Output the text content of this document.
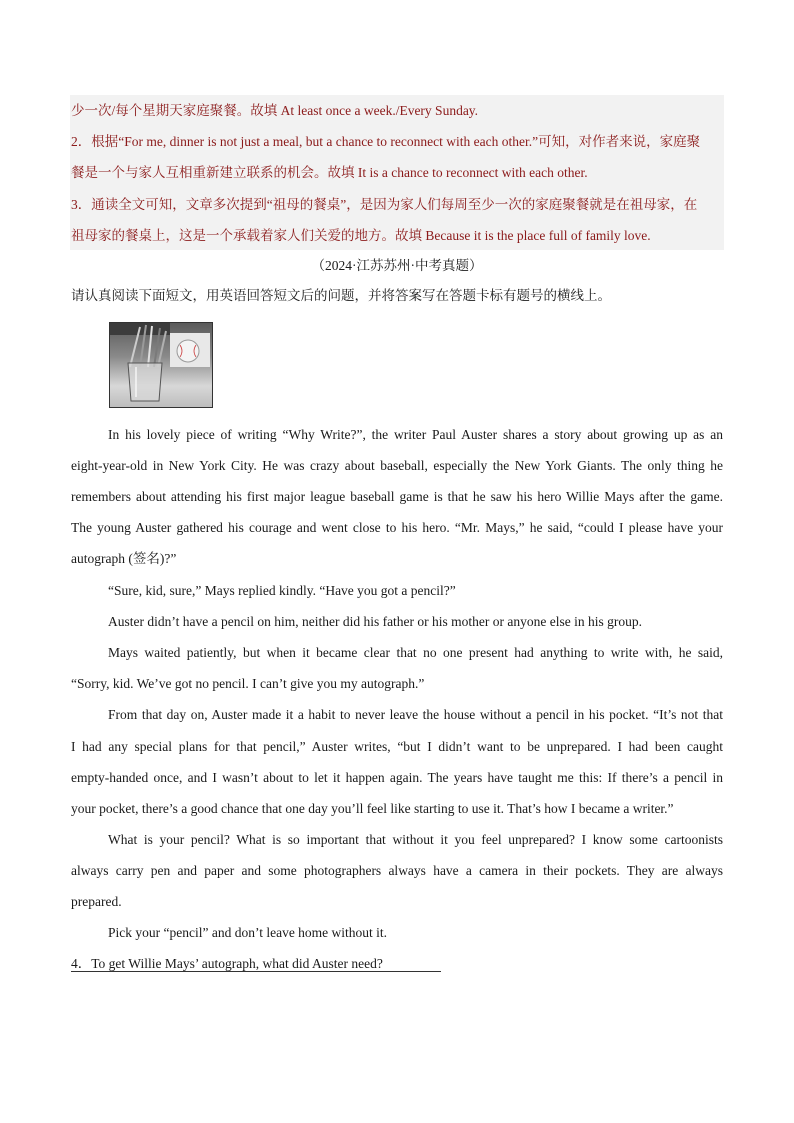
少一次/每个星期天家庭聚餐。故填 At least once a week./Every Sunday.
2．根据“For me, dinner is not just a meal, but a chance to reconnect with each other.”可知，对作者来说，家庭聚
餐是一个与家人互相重新建立联系的机会。故填 It is a chance to reconnect with each other.
3．通读全文可知，文章多次提到“祖母的餐桌”，是因为家人们每周至少一次的家庭聚餐就是在祖母家，在
祖母家的餐桌上，这是一个承载着家人们关爱的地方。故填 Because it is the place full of family love.
（2024·江苏苏州·中考真题）
请认真阅读下面短文，用英语回答短文后的问题，并将答案写在答题卡标有题号的横线上。
In his lovely piece of writing “Why Write?”, the writer Paul Auster shares a story about growing up as an
eight-year-old in New York City. He was crazy about baseball, especially the New York Giants. The only thing he
remembers about attending his first major league baseball game is that he saw his hero Willie Mays after the game.
The young Auster gathered his courage and went close to his hero. “Mr. Mays,” he said, “could I please have your
autograph (签名)?”
“Sure, kid, sure,” Mays replied kindly. “Have you got a pencil?”
Auster didn’t have a pencil on him, neither did his father or his mother or anyone else in his group.
Mays waited patiently, but when it became clear that no one present had anything to write with, he said,
“Sorry, kid. We’ve got no pencil. I can’t give you my autograph.”
From that day on, Auster made it a habit to never leave the house without a pencil in his pocket. “It’s not that
I had any special plans for that pencil,” Auster writes, “but I didn’t want to be unprepared. I had been caught
empty-handed once, and I wasn’t about to let it happen again. The years have taught me this: If there’s a pencil in
your pocket, there’s a good chance that one day you’ll feel like starting to use it. That’s how I became a writer.”
What is your pencil? What is so important that without it you feel unprepared? I know some cartoonists
always carry pen and paper and some photographers always have a camera in their pockets. They are always
prepared.
Pick your “pencil” and don’t leave home without it.
4．To get Willie Mays’ autograph, what did Auster need?
